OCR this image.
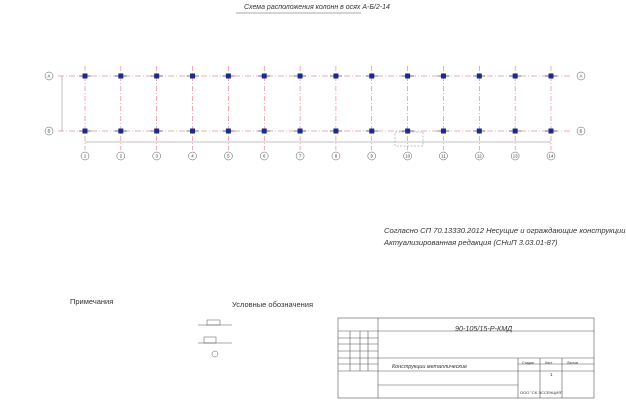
1	2	3	4	5	6	7	8	9	10	11	12	13	14
А	А
Б	Б
Схема расположения колонн в осях А-Б/2-14
Согласно СП 70.13330.2012 Несущие и ограждающие конструкции
Актуализированная редакция (СНиП 3.03.01-87)
Примечания	Условные обозначения
90-105/15-Р-КМД
Конструкции металлические
Стадия	Лист	Листов
1
ООО "СК ЭССЕНЦИЯ"
